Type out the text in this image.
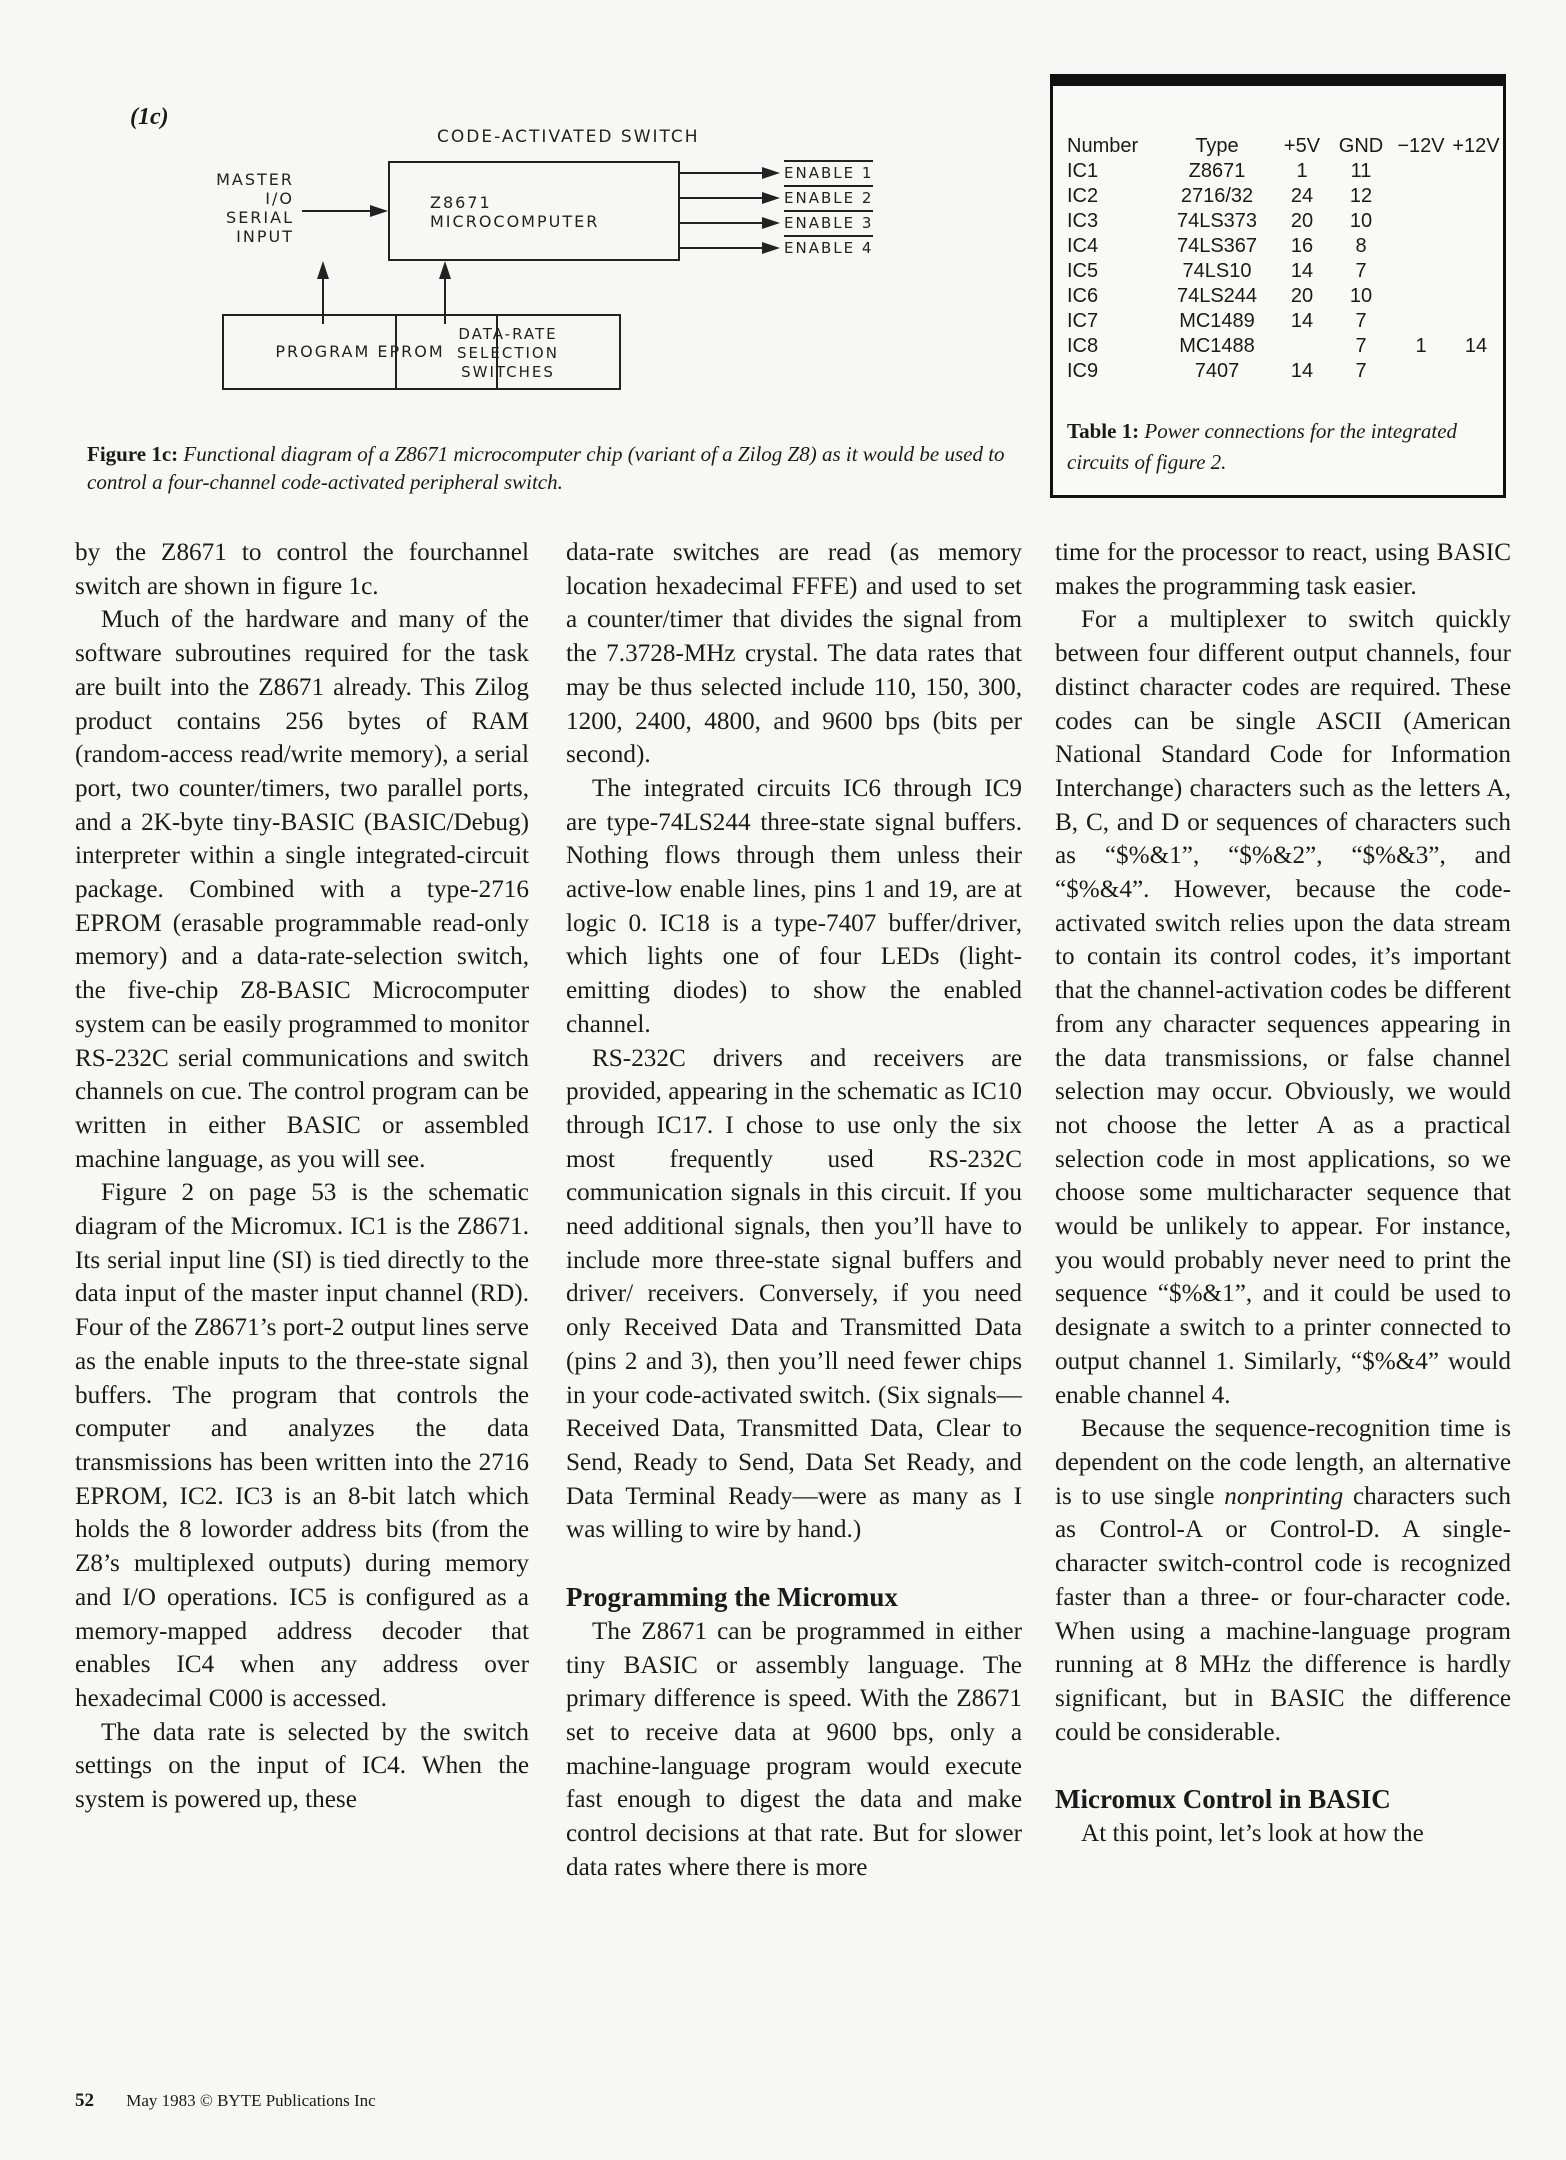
(1c)
CODE-ACTIVATED SWITCH
MASTER
I/O
SERIAL
INPUT
Z8671
MICROCOMPUTER
ENABLE 1
ENABLE 2
ENABLE 3
ENABLE 4
PROGRAM EPROM
DATA-RATE
SELECTION
SWITCHES
Figure 1c: Functional diagram of a Z8671 microcomputer chip (variant of a Zilog Z8) as it would be used to control a four-channel code-activated peripheral switch.
Number	Type	+5V	GND	−12V	+12V
IC1	Z8671	1	11		
IC2	2716/32	24	12		
IC3	74LS373	20	10		
IC4	74LS367	16	8		
IC5	74LS10	14	7		
IC6	74LS244	20	10		
IC7	MC1489	14	7		
IC8	MC1488		7	1	14
IC9	7407	14	7		
Table 1: Power connections for the integrated circuits of figure 2.

by the Z8671 to control the fourchannel switch are shown in figure 1c.

Much of the hardware and many of the software subroutines required for the task are built into the Z8671 already. This Zilog product contains 256 bytes of RAM (random-access read/write memory), a serial port, two counter/timers, two parallel ports, and a 2K-byte tiny-BASIC (BASIC/Debug) interpreter within a single integrated-circuit package. Combined with a type-2716 EPROM (erasable programmable read-only memory) and a data-rate-selection switch, the five-chip Z8-BASIC Microcomputer system can be easily programmed to monitor RS-232C serial communications and switch channels on cue. The control program can be written in either BASIC or assembled machine language, as you will see.

Figure 2 on page 53 is the schematic diagram of the Micromux. IC1 is the Z8671. Its serial input line (SI) is tied directly to the data input of the master input channel (RD). Four of the Z8671’s port-2 output lines serve as the enable inputs to the three-state signal buffers. The program that controls the computer and analyzes the data transmissions has been written into the 2716 EPROM, IC2. IC3 is an 8-bit latch which holds the 8 loworder address bits (from the Z8’s multiplexed outputs) during memory and I/O operations. IC5 is configured as a memory-mapped address decoder that enables IC4 when any address over hexadecimal C000 is accessed.

The data rate is selected by the switch settings on the input of IC4. When the system is powered up, these

data-rate switches are read (as memory location hexadecimal FFFE) and used to set a counter/timer that divides the signal from the 7.3728-MHz crystal. The data rates that may be thus selected include 110, 150, 300, 1200, 2400, 4800, and 9600 bps (bits per second).

The integrated circuits IC6 through IC9 are type-74LS244 three-state signal buffers. Nothing flows through them unless their active-low enable lines, pins 1 and 19, are at logic 0. IC18 is a type-7407 buffer/driver, which lights one of four LEDs (light-emitting diodes) to show the enabled channel.

RS-232C drivers and receivers are provided, appearing in the schematic as IC10 through IC17. I chose to use only the six most frequently used RS-232C communication signals in this circuit. If you need additional signals, then you’ll have to include more three-state signal buffers and driver/ receivers. Conversely, if you need only Received Data and Transmitted Data (pins 2 and 3), then you’ll need fewer chips in your code-activated switch. (Six signals—Received Data, Transmitted Data, Clear to Send, Ready to Send, Data Set Ready, and Data Terminal Ready—were as many as I was willing to wire by hand.)

Programming the Micromux

The Z8671 can be programmed in either tiny BASIC or assembly language. The primary difference is speed. With the Z8671 set to receive data at 9600 bps, only a machine-language program would execute fast enough to digest the data and make control decisions at that rate. But for slower data rates where there is more

time for the processor to react, using BASIC makes the programming task easier.

For a multiplexer to switch quickly between four different output channels, four distinct character codes are required. These codes can be single ASCII (American National Standard Code for Information Interchange) characters such as the letters A, B, C, and D or sequences of characters such as “$%&1”, “$%&2”, “$%&3”, and “$%&4”. However, because the code-activated switch relies upon the data stream to contain its control codes, it’s important that the channel-activation codes be different from any character sequences appearing in the data transmissions, or false channel selection may occur. Obviously, we would not choose the letter A as a practical selection code in most applications, so we choose some multicharacter sequence that would be unlikely to appear. For instance, you would probably never need to print the sequence “$%&1”, and it could be used to designate a switch to a printer connected to output channel 1. Similarly, “$%&4” would enable channel 4.

Because the sequence-recognition time is dependent on the code length, an alternative is to use single nonprinting characters such as Control-A or Control-D. A single-character switch-control code is recognized faster than a three- or four-character code. When using a machine-language program running at 8 MHz the difference is hardly significant, but in BASIC the difference could be considerable.

Micromux Control in BASIC

At this point, let’s look at how the

52 May 1983 © BYTE Publications Inc
